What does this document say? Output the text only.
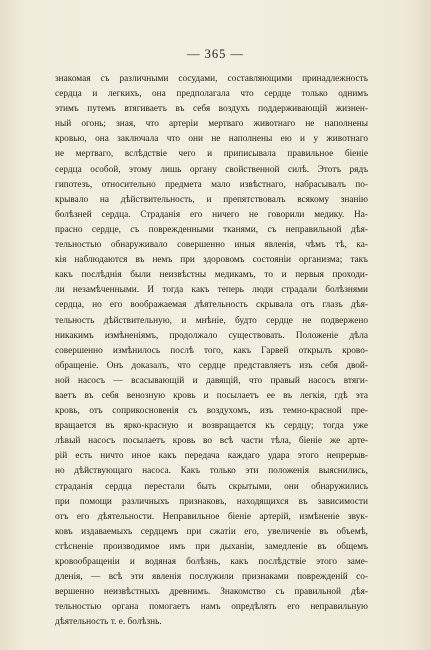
— 365 —
знакомая съ различными сосудами, составляющими принадлежность
сердца и легкихъ, она предполагала что сердце только однимъ
этимъ путемъ втягиваетъ въ себя воздухъ поддерживающій жизнен-
ный огонь; зная, что артеріи мертваго животнаго не наполнены
кровью, она заключала что они не наполнены ею и у животнаго
не мертваго, вслѣдствіе чего и приписывала правильное біеніе
сердца особой, этому лишь органу свойственной силѣ. Этотъ рядъ
гипотезъ, относительно предмета мало извѣстнаго, набрасывалъ по-
крывало на дѣйствительность, и препятствовалъ всякому знанію
болѣзней сердца. Страданія его ничего не говорили медику. На-
прасно сердце, съ поврежденными тканями, съ неправильной дѣя-
тельностью обнаруживало совершенно иныя явленія, чѣмъ тѣ, ка-
кія наблюдаются въ немъ при здоровомъ состояніи организма; такъ
какъ послѣднія были неизвѣстны медикамъ, то и первыя проходи-
ли незамѣченными. И тогда какъ теперь люди страдали болѣзнями
сердца, но его воображаемая дѣятельность скрывала отъ глазъ дѣя-
тельность дѣйствительную, и мнѣніе, будто сердце не подвержено
никакимъ измѣненіямъ, продолжало существовать. Положеніе дѣла
совершенно измѣнилось послѣ того, какъ Гарвей открылъ крово-
обращеніе. Онъ доказалъ, что сердце представляетъ изъ себя двой-
ной насосъ — всасывающій и давящій, что правый насосъ втяги-
ваетъ въ себя венозную кровь и посылаетъ ее въ легкія, гдѣ эта
кровь, отъ соприкосновенія съ воздухомъ, изъ темно-красной пре-
вращается въ ярко-красную и возвращается къ сердцу; тогда уже
лѣвый насосъ посылаетъ кровь во всѣ части тѣла, біеніе же арте-
рій есть ничто иное какъ передача каждаго удара этого непрерыв-
но дѣйствующаго насоса. Какъ только эти положенія выяснились,
страданія сердца перестали быть скрытыми, они обнаружились
при помощи различныхъ признаковъ, находящихся въ зависимости
отъ его дѣятельности. Неправильное біеніе артерій, измѣненіе звук-
ковъ издаваемыхъ сердцемъ при сжатіи его, увеличеніе въ объемѣ,
стѣсненіе производимое имъ при дыханіи, замедленіе въ общемъ
кровообращеніи и водяная болѣзнь, какъ послѣдствіе этого заме-
дленія, — всѣ эти явленія послужили признаками поврежденій со-
вершенно неизвѣстныхъ древнимъ. Знакомство съ правильной дѣя-
тельностью органа помогаетъ намъ опредѣлять его неправильную
дѣятельность т. е. болѣзнь.
